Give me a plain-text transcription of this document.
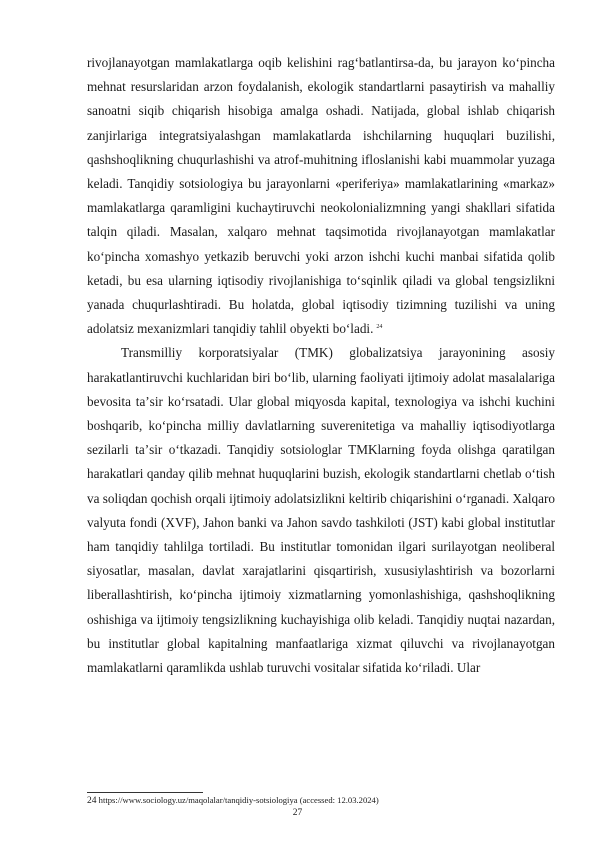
rivojlanayotgan mamlakatlarga oqib kelishini ragʻbatlantirsa-da, bu jarayon koʻpincha mehnat resurslaridan arzon foydalanish, ekologik standartlarni pasaytirish va mahalliy sanoatni siqib chiqarish hisobiga amalga oshadi. Natijada, global ishlab chiqarish zanjirlariga integratsiyalashgan mamlakatlarda ishchilarning huquqlari buzilishi, qashshoqlikning chuqurlashishi va atrof-muhitning ifloslanishi kabi muammolar yuzaga keladi. Tanqidiy sotsiologiya bu jarayonlarni «periferiya» mamlakatlarining «markaz» mamlakatlarga qaramligini kuchaytiruvchi neokolonializmning yangi shakllari sifatida talqin qiladi. Masalan, xalqaro mehnat taqsimotida rivojlanayotgan mamlakatlar koʻpincha xomashyo yetkazib beruvchi yoki arzon ishchi kuchi manbai sifatida qolib ketadi, bu esa ularning iqtisodiy rivojlanishiga toʻsqinlik qiladi va global tengsizlikni yanada chuqurlashtiradi. Bu holatda, global iqtisodiy tizimning tuzilishi va uning adolatsiz mexanizmlari tanqidiy tahlil obyekti boʻladi. $^{24}$

Transmilliy korporatsiyalar (TMK) globalizatsiya jarayonining asosiy harakatlantiruvchi kuchlaridan biri boʻlib, ularning faoliyati ijtimoiy adolat masalalariga bevosita taʼsir koʻrsatadi. Ular global miqyosda kapital, texnologiya va ishchi kuchini boshqarib, koʻpincha milliy davlatlarning suverenitetiga va mahalliy iqtisodiyotlarga sezilarli taʼsir oʻtkazadi. Tanqidiy sotsiologlar TMKlarning foyda olishga qaratilgan harakatlari qanday qilib mehnat huquqlarini buzish, ekologik standartlarni chetlab oʻtish va soliqdan qochish orqali ijtimoiy adolatsizlikni keltirib chiqarishini oʻrganadi. Xalqaro valyuta fondi (XVF), Jahon banki va Jahon savdo tashkiloti (JST) kabi global institutlar ham tanqidiy tahlilga tortiladi. Bu institutlar tomonidan ilgari surilayotgan neoliberal siyosatlar, masalan, davlat xarajatlarini qisqartirish, xususiylashtirish va bozorlarni liberallashtirish, koʻpincha ijtimoiy xizmatlarning yomonlashishiga, qashshoqlikning oshishiga va ijtimoiy tengsizlikning kuchayishiga olib keladi. Tanqidiy nuqtai nazardan, bu institutlar global kapitalning manfaatlariga xizmat qiluvchi va rivojlanayotgan mamlakatlarni qaramlikda ushlab turuvchi vositalar sifatida koʻriladi. Ular

24 https://www.sociology.uz/maqolalar/tanqidiy-sotsiologiya (accessed: 12.03.2024)
27
